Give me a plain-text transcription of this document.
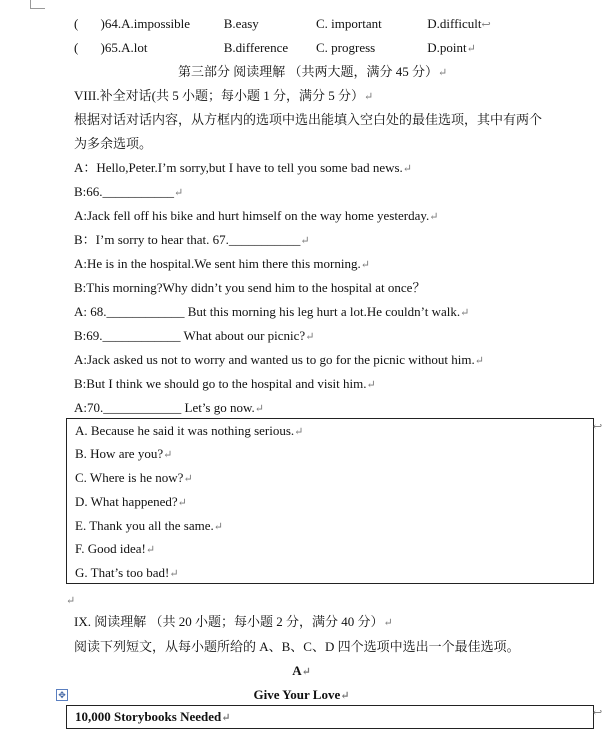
( )64.A.impossible	B.easy	C. important	D.difficult↩
( )65.A.lot	B.difference C. progress	D.point↵
第三部分 阅读理解 （共两大题，满分 45 分）↵
VIII.补全对话(共 5 小题；每小题 1 分，满分 5 分）↵
根据对话对话内容，从方框内的选项中选出能填入空白处的最佳选项，其中有两个
为多余选项。
A：Hello,Peter.I’m sorry,but I have to tell you some bad news.↵
B:66.___________↵
A:Jack fell off his bike and hurt himself on the way home yesterday.↵
B：I’m sorry to hear that. 67.___________↵
A:He is in the hospital.We sent him there this morning.↵
B:This morning?Why didn’t you send him to the hospital at once？
A: 68.____________ But this morning his leg hurt a lot.He couldn’t walk.↵
B:69.____________ What about our picnic?↵
A:Jack asked us not to worry and wanted us to go for the picnic without him.↵
B:But I think we should go to the hospital and visit him.↵
A:70.____________ Let’s go now.↵
A. Because he said it was nothing serious.↵
B. How are you?↵
C. Where is he now?↵
D. What happened?↵
E. Thank you all the same.↵
F. Good idea!↵
G. That’s too bad!↵
↩
↵
IX. 阅读理解 （共 20 小题；每小题 2 分，满分 40 分）↵
阅读下列短文，从每小题所给的 A、B、C、D 四个选项中选出一个最佳选项。
A↵
Give Your Love↵
✥
10,000 Storybooks Needed↵	↩
